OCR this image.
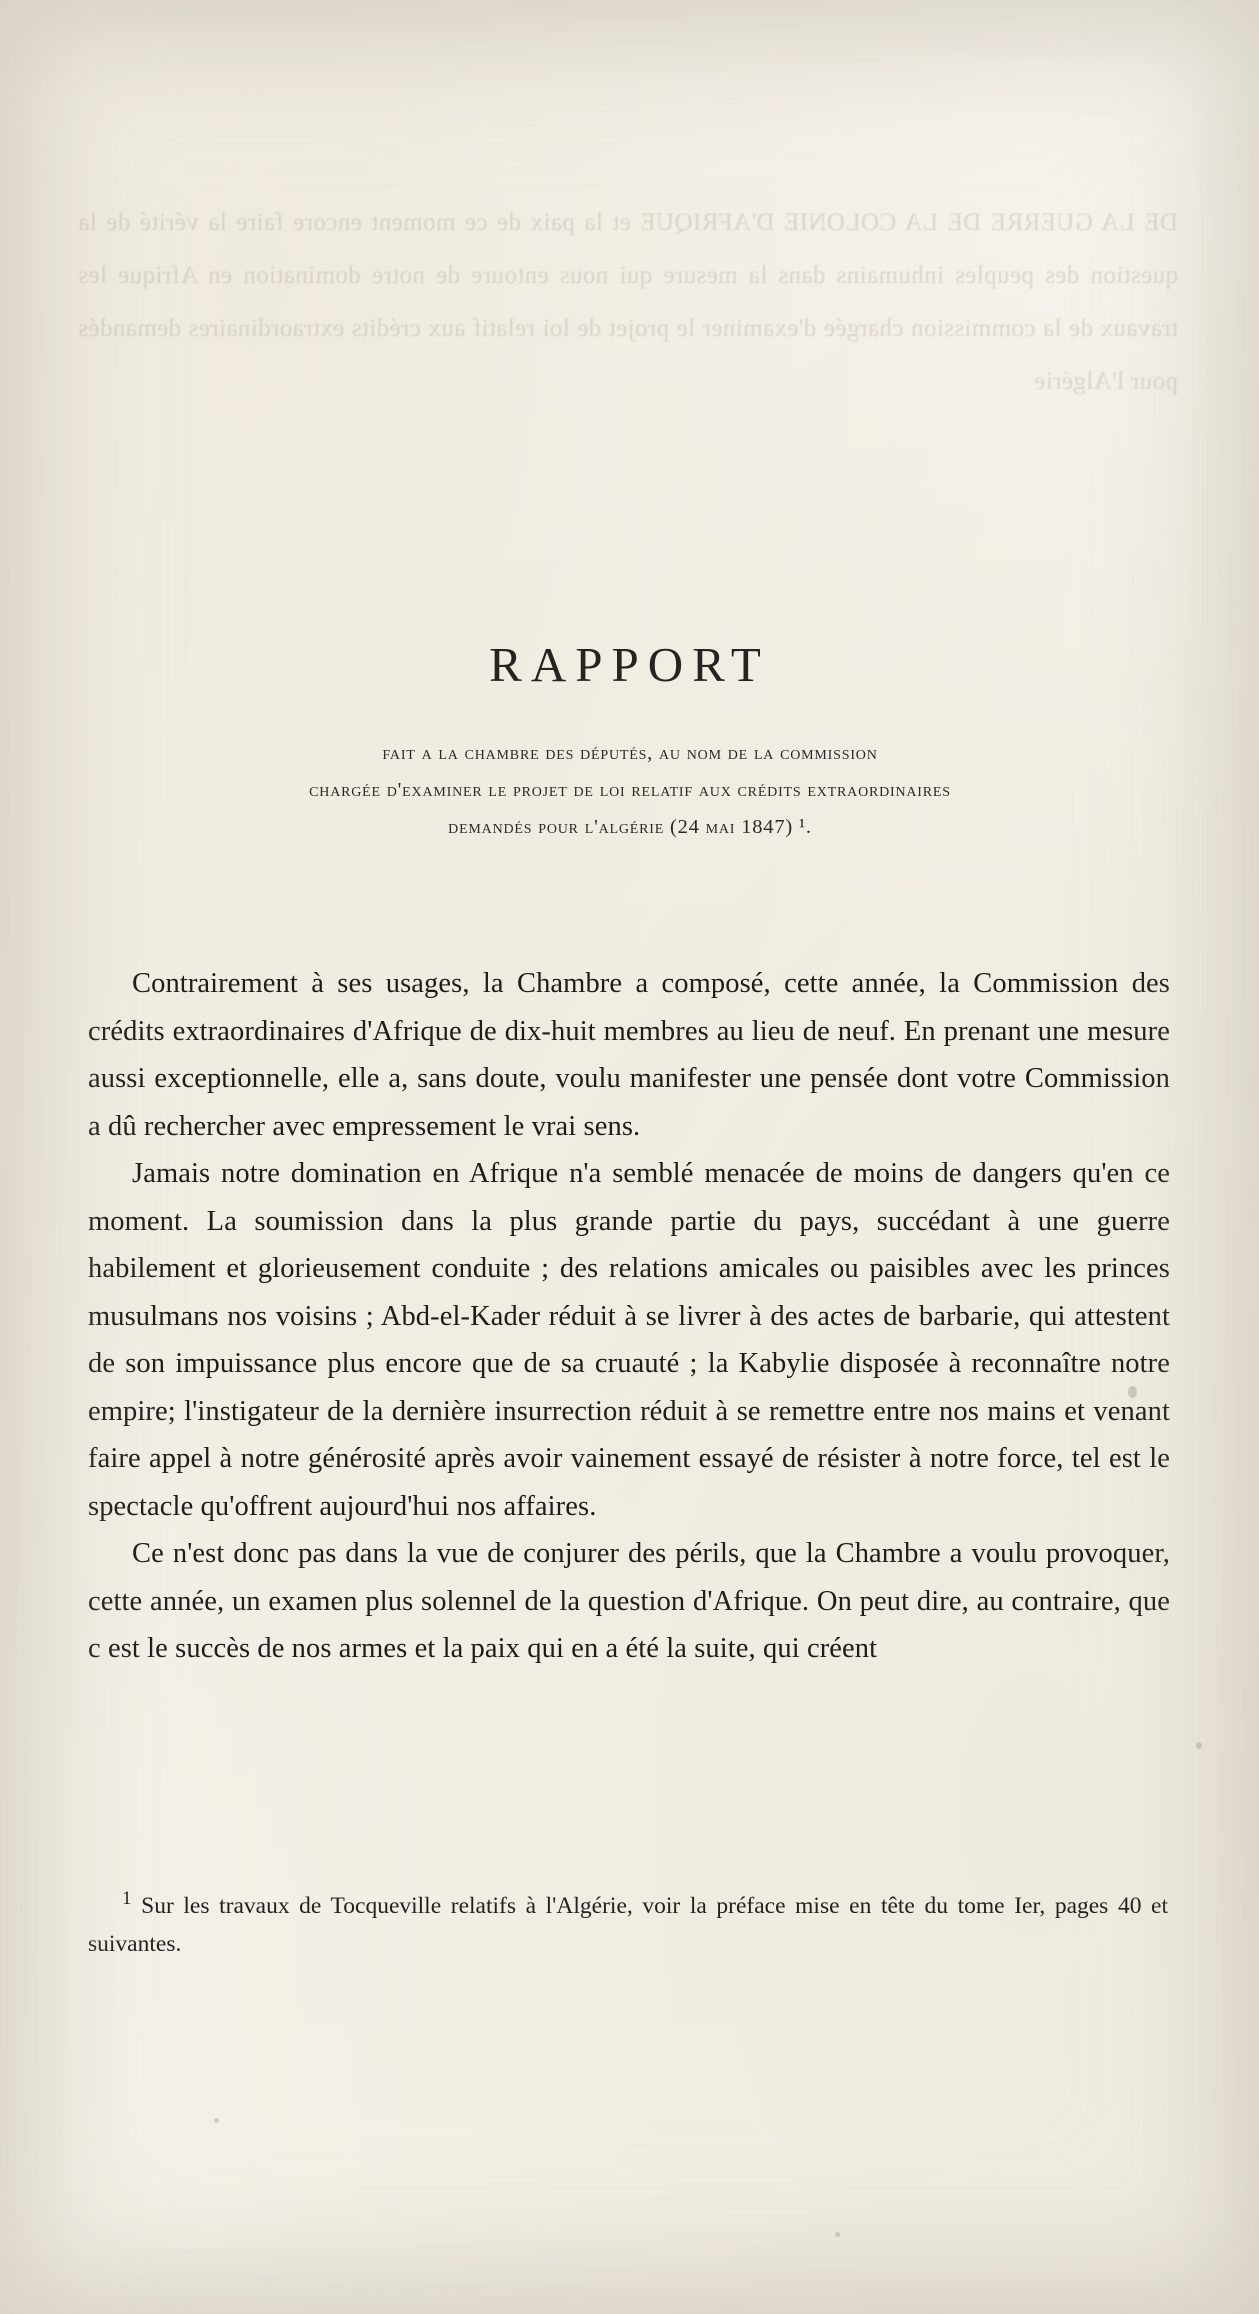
DE LA GUERRE DE LA COLONIE D'AFRIQUE et la paix de ce moment encore faire la vérité de la question des peuples inhumains dans la mesure qui nous entoure de notre domination en Afrique les travaux de la commission chargée d'examiner le projet de loi relatif aux crédits extraordinaires demandés pour l'Algérie
RAPPORT
fait a la chambre des députés, au nom de la commission
chargée d'examiner le projet de loi relatif aux crédits extraordinaires
demandés pour l'algérie (24 mai 1847) ¹.

Contrairement à ses usages, la Chambre a composé, cette année, la Commission des crédits extraordinaires d'Afrique de dix-huit membres au lieu de neuf. En prenant une mesure aussi exceptionnelle, elle a, sans doute, voulu manifester une pensée dont votre Commission a dû rechercher avec empressement le vrai sens.

Jamais notre domination en Afrique n'a semblé menacée de moins de dangers qu'en ce moment. La soumission dans la plus grande partie du pays, succédant à une guerre habilement et glorieusement conduite ; des relations amicales ou paisibles avec les princes musulmans nos voisins ; Abd-el-Kader réduit à se livrer à des actes de barbarie, qui attestent de son impuissance plus encore que de sa cruauté ; la Kabylie disposée à reconnaître notre empire; l'instigateur de la dernière insurrection réduit à se remettre entre nos mains et venant faire appel à notre générosité après avoir vainement essayé de résister à notre force, tel est le spectacle qu'offrent aujourd'hui nos affaires.

Ce n'est donc pas dans la vue de conjurer des périls, que la Chambre a voulu provoquer, cette année, un examen plus solennel de la question d'Afrique. On peut dire, au contraire, que c est le succès de nos armes et la paix qui en a été la suite, qui créent

$^1$ Sur les travaux de Tocqueville relatifs à l'Algérie, voir la préface mise en tête du tome Ier, pages 40 et suivantes.
